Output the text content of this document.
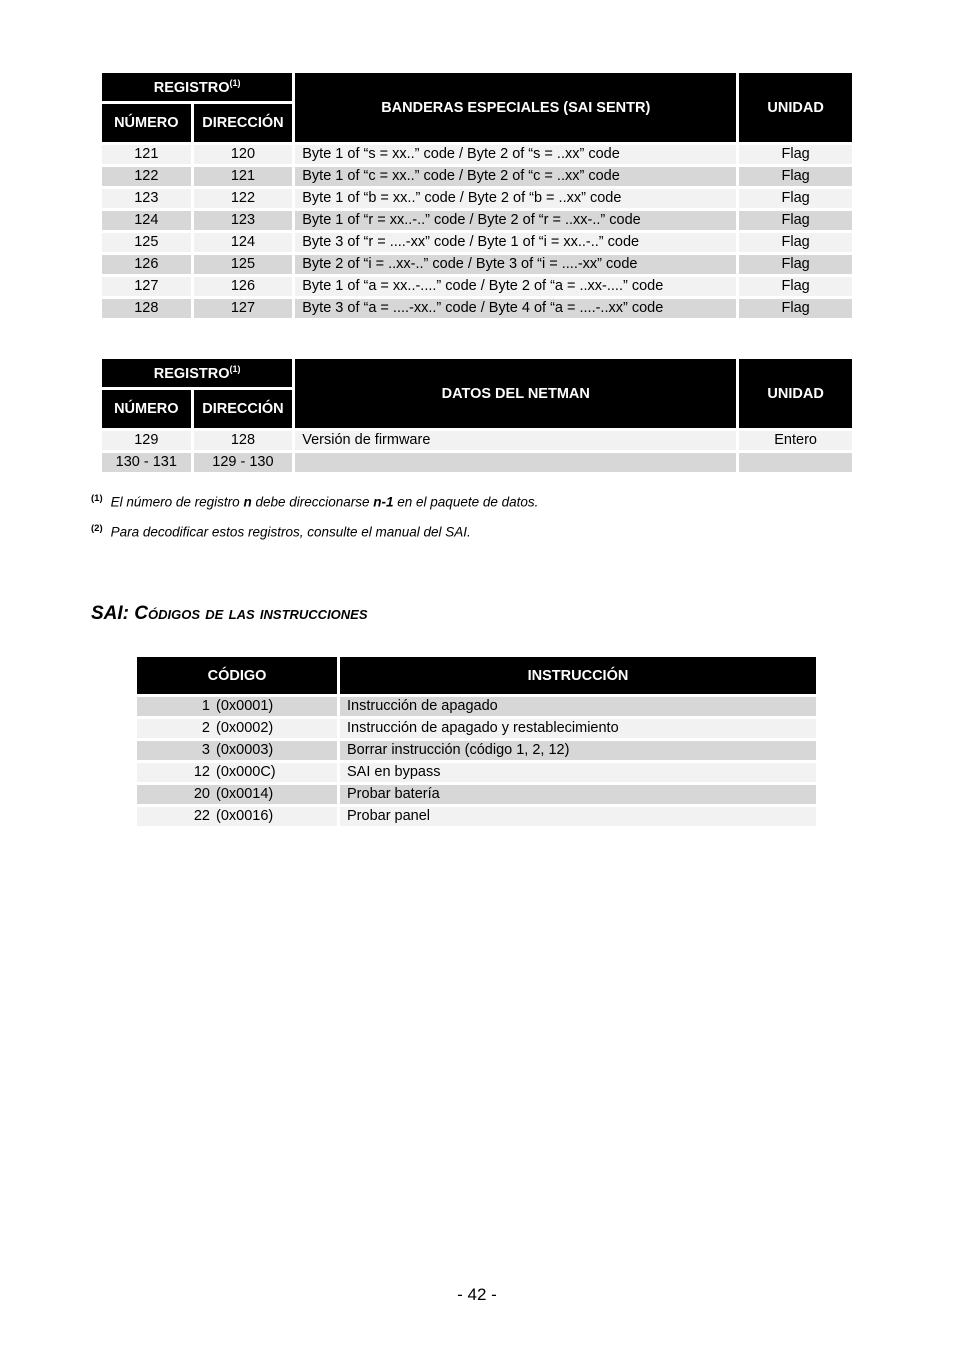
REGISTRO$^{(1)}$		BANDERAS ESPECIALES (SAI SENTR)	UNIDAD
NÚMERO	DIRECCIÓN		
121	120	Byte 1 of “s = xx..” code / Byte 2 of “s = ..xx” code	Flag
122	121	Byte 1 of “c = xx..” code / Byte 2 of “c = ..xx” code	Flag
123	122	Byte 1 of “b = xx..” code / Byte 2 of “b = ..xx” code	Flag
124	123	Byte 1 of “r = xx..-..” code / Byte 2 of “r = ..xx-..” code	Flag
125	124	Byte 3 of “r = ....-xx” code / Byte 1 of “i = xx..-..” code	Flag
126	125	Byte 2 of “i = ..xx-..” code / Byte 3 of “i = ....-xx” code	Flag
127	126	Byte 1 of “a = xx..-....” code / Byte 2 of “a = ..xx-....” code	Flag
128	127	Byte 3 of “a = ....-xx..” code / Byte 4 of “a = ....-..xx” code	Flag
REGISTRO$^{(1)}$		DATOS DEL NETMAN	UNIDAD
NÚMERO	DIRECCIÓN		
129	128	Versión de firmware	Entero
130 - 131	129 - 130		
$^{(1)}$ El número de registro n debe direccionarse n-1 en el paquete de datos.
$^{(2)}$ Para decodificar estos registros, consulte el manual del SAI.
SAI: Códigos de las instrucciones
CÓDIGO	INSTRUCCIÓN
1 (0x0001)	Instrucción de apagado
2 (0x0002)	Instrucción de apagado y restablecimiento
3 (0x0003)	Borrar instrucción (código 1, 2, 12)
12 (0x000C)	SAI en bypass
20 (0x0014)	Probar batería
22 (0x0016)	Probar panel
- 42 -
